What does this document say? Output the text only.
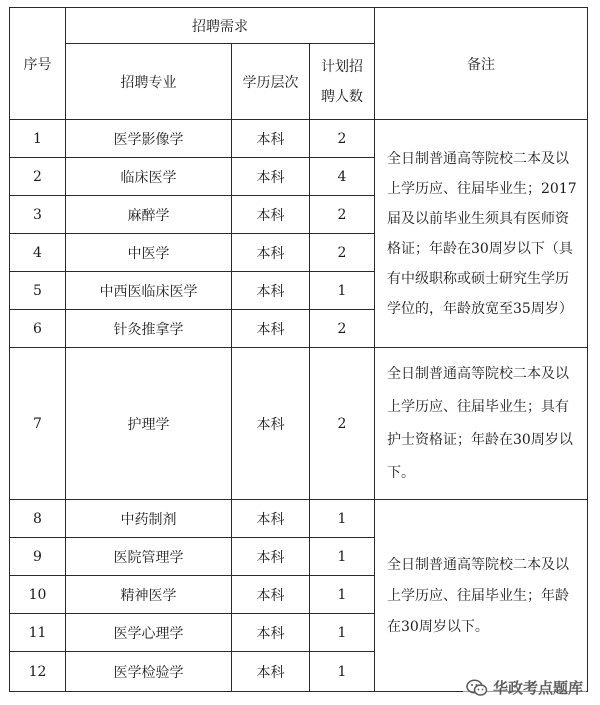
序号	招聘需求			备注
	招聘专业	学历层次	计划招
聘人数	
1	医学影像学	本科	2	全日制普通高等院校二本及以上学历应、往届毕业生；2017届及以前毕业生须具有医师资格证；年龄在30周岁以下（具有中级职称或硕士研究生学历学位的，年龄放宽至35周岁）
2	临床医学	本科	4	
3	麻醉学	本科	2	
4	中医学	本科	2	
5	中西医临床医学	本科	1	
6	针灸推拿学	本科	2	
7	护理学	本科	2	全日制普通高等院校二本及以上学历应、往届毕业生；具有护士资格证；年龄在30周岁以下。
8	中药制剂	本科	1	全日制普通高等院校二本及以上学历应、往届毕业生；年龄在30周岁以下。
9	医院管理学	本科	1	
10	精神医学	本科	1	
11	医学心理学	本科	1	
12	医学检验学	本科	1	
华政考点题库
